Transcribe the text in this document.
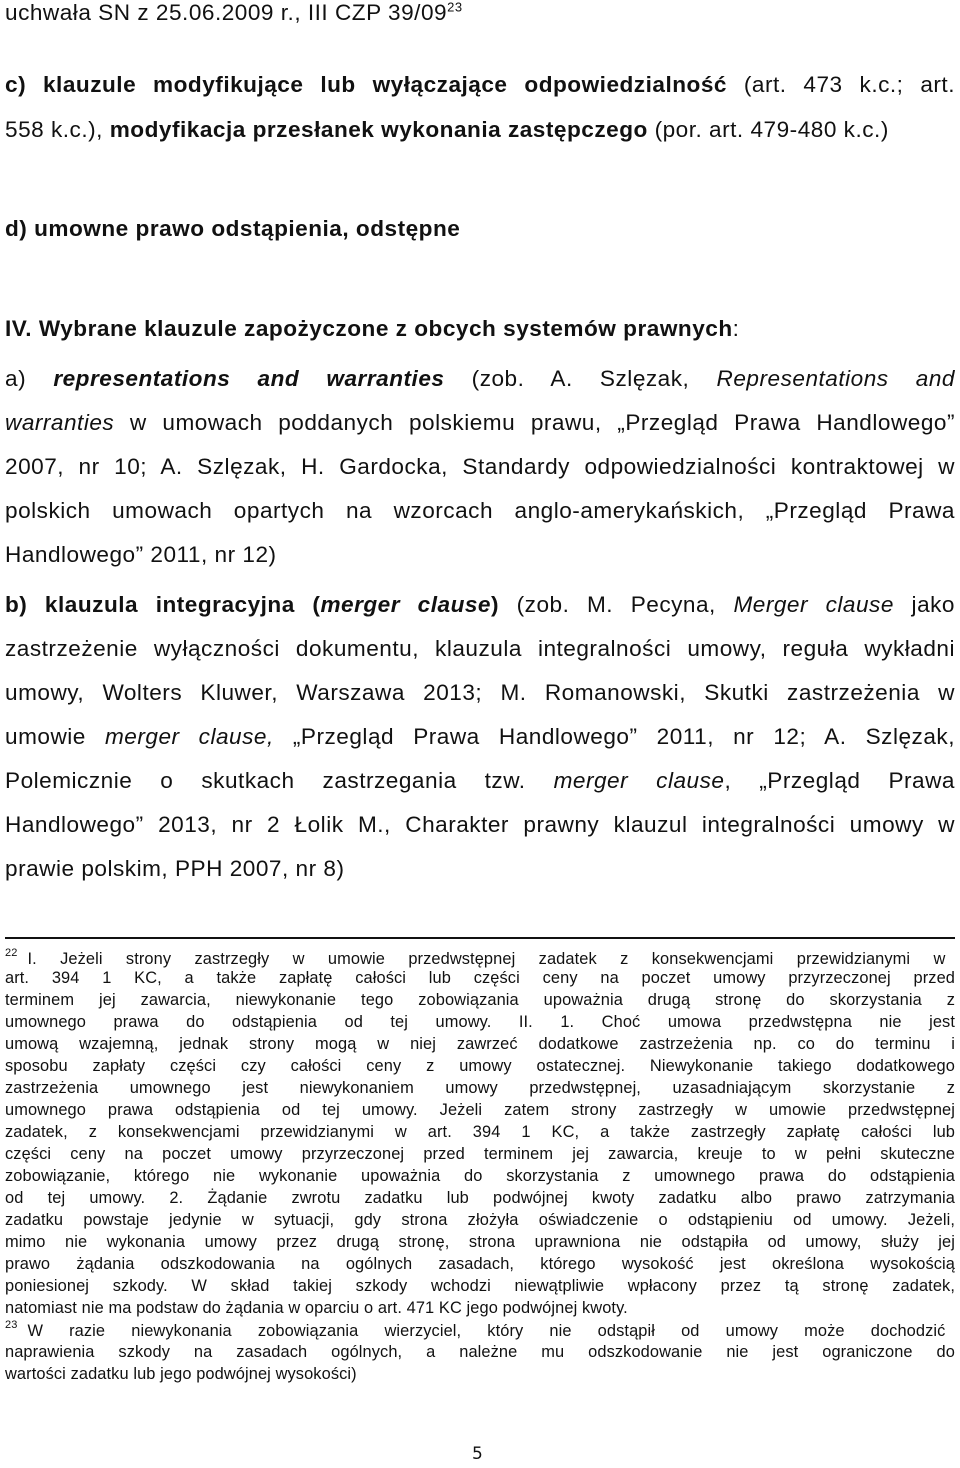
uchwała SN z 25.06.2009 r., III CZP 39/09$^{23}$
c) klauzule modyfikujące lub wyłączające odpowiedzialność (art. 473 k.c.; art.
558 k.c.), modyfikacja przesłanek wykonania zastępczego (por. art. 479-480 k.c.)
d) umowne prawo odstąpienia, odstępne
IV. Wybrane klauzule zapożyczone z obcych systemów prawnych:
a) representations and warranties (zob. A. Szlęzak, Representations and
warranties w umowach poddanych polskiemu prawu, „Przegląd Prawa Handlowego”
2007, nr 10; A. Szlęzak, H. Gardocka, Standardy odpowiedzialności kontraktowej w
polskich umowach opartych na wzorcach anglo-amerykańskich, „Przegląd Prawa
Handlowego” 2011, nr 12)
b) klauzula integracyjna (merger clause) (zob. M. Pecyna, Merger clause jako
zastrzeżenie wyłączności dokumentu, klauzula integralności umowy, reguła wykładni
umowy, Wolters Kluwer, Warszawa 2013; M. Romanowski, Skutki zastrzeżenia w
umowie merger clause, „Przegląd Prawa Handlowego” 2011, nr 12; A. Szlęzak,
Polemicznie o skutkach zastrzegania tzw. merger clause, „Przegląd Prawa
Handlowego” 2013, nr 2 Łolik M., Charakter prawny klauzul integralności umowy w
prawie polskim, PPH 2007, nr 8)
$^{22}$ I. Jeżeli strony zastrzegły w umowie przedwstępnej zadatek z konsekwencjami przewidzianymi w
art. 394 1 KC, a także zapłatę całości lub części ceny na poczet umowy przyrzeczonej przed
terminem jej zawarcia, niewykonanie tego zobowiązania upoważnia drugą stronę do skorzystania z
umownego prawa do odstąpienia od tej umowy. II. 1. Choć umowa przedwstępna nie jest
umową wzajemną, jednak strony mogą w niej zawrzeć dodatkowe zastrzeżenia np. co do terminu i
sposobu zapłaty części czy całości ceny z umowy ostatecznej. Niewykonanie takiego dodatkowego
zastrzeżenia umownego jest niewykonaniem umowy przedwstępnej, uzasadniającym skorzystanie z
umownego prawa odstąpienia od tej umowy. Jeżeli zatem strony zastrzegły w umowie przedwstępnej
zadatek, z konsekwencjami przewidzianymi w art. 394 1 KC, a także zastrzegły zapłatę całości lub
części ceny na poczet umowy przyrzeczonej przed terminem jej zawarcia, kreuje to w pełni skuteczne
zobowiązanie, którego nie wykonanie upoważnia do skorzystania z umownego prawa do odstąpienia
od tej umowy. 2. Żądanie zwrotu zadatku lub podwójnej kwoty zadatku albo prawo zatrzymania
zadatku powstaje jedynie w sytuacji, gdy strona złożyła oświadczenie o odstąpieniu od umowy. Jeżeli,
mimo nie wykonania umowy przez drugą stronę, strona uprawniona nie odstąpiła od umowy, służy jej
prawo żądania odszkodowania na ogólnych zasadach, którego wysokość jest określona wysokością
poniesionej szkody. W skład takiej szkody wchodzi niewątpliwie wpłacony przez tą stronę zadatek,
natomiast nie ma podstaw do żądania w oparciu o art. 471 KC jego podwójnej kwoty.
$^{23}$ W razie niewykonania zobowiązania wierzyciel, który nie odstąpił od umowy może dochodzić
naprawienia szkody na zasadach ogólnych, a należne mu odszkodowanie nie jest ograniczone do
wartości zadatku lub jego podwójnej wysokości)
5
